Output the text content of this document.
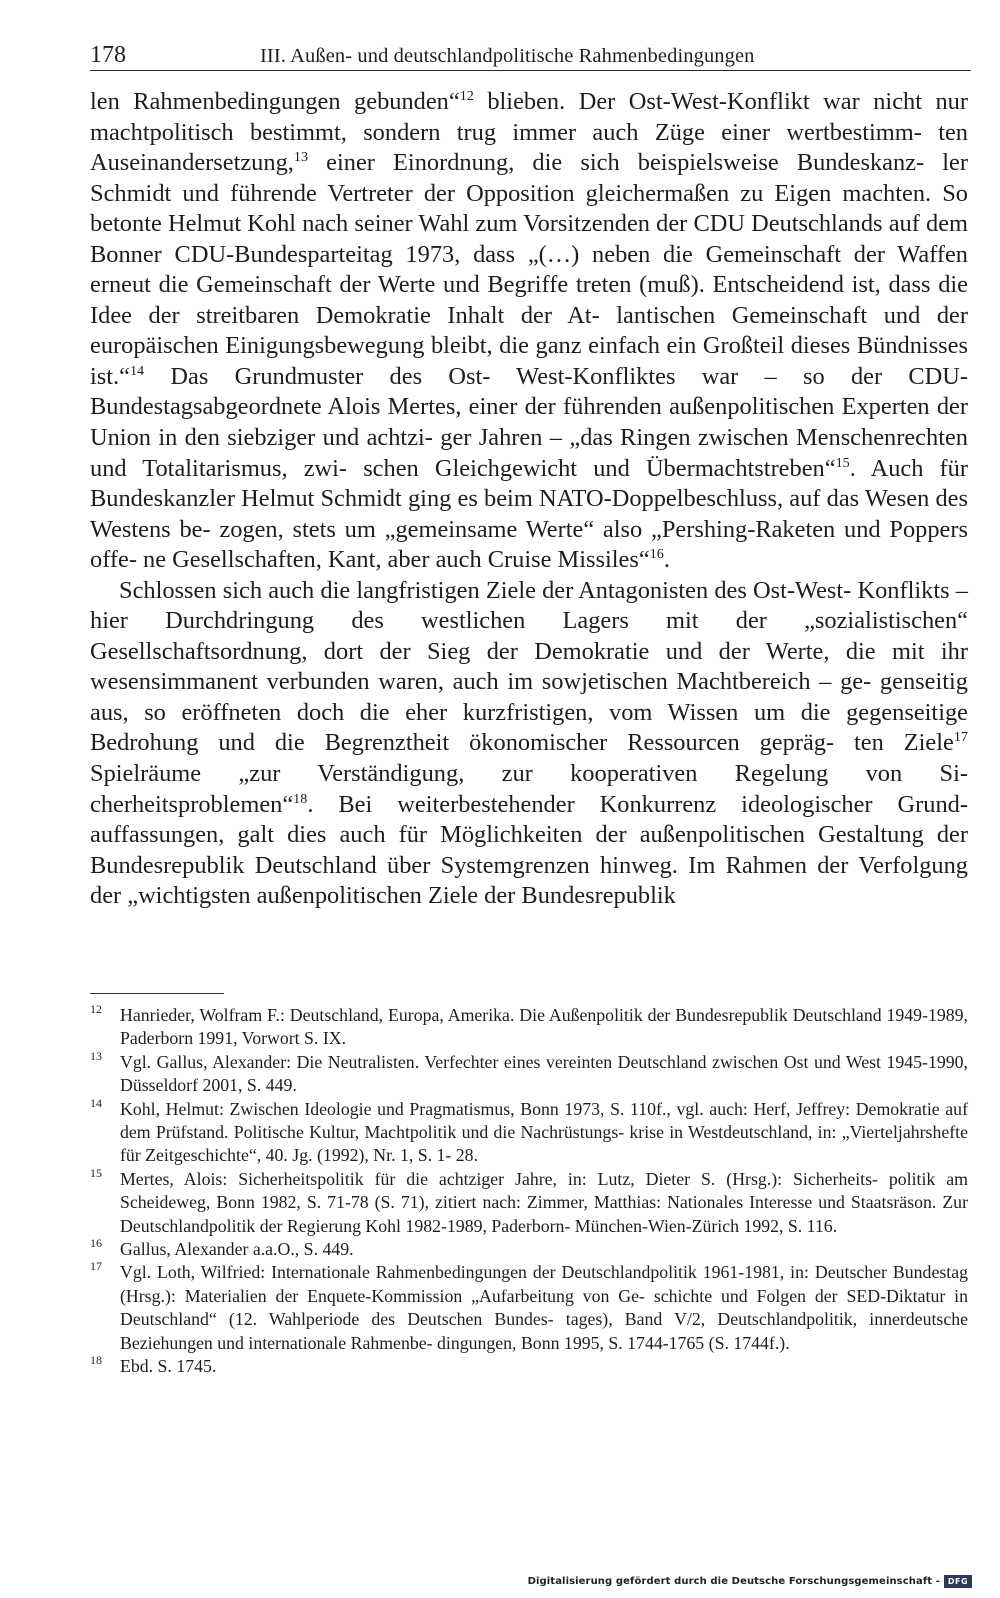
178	III. Außen- und deutschlandpolitische Rahmenbedingungen

len Rahmenbedingungen gebunden“$^{12}$ blieben. Der Ost-West-Konflikt war nicht nur machtpolitisch bestimmt, sondern trug immer auch Züge einer wertbestimm- ten Auseinandersetzung,$^{13}$ einer Einordnung, die sich beispielsweise Bundeskanz- ler Schmidt und führende Vertreter der Opposition gleichermaßen zu Eigen machten. So betonte Helmut Kohl nach seiner Wahl zum Vorsitzenden der CDU Deutschlands auf dem Bonner CDU-Bundesparteitag 1973, dass „(…) neben die Gemeinschaft der Waffen erneut die Gemeinschaft der Werte und Begriffe treten (muß). Entscheidend ist, dass die Idee der streitbaren Demokratie Inhalt der At- lantischen Gemeinschaft und der europäischen Einigungsbewegung bleibt, die ganz einfach ein Großteil dieses Bündnisses ist.“$^{14}$ Das Grundmuster des Ost- West-Konfliktes war – so der CDU-Bundestagsabgeordnete Alois Mertes, einer der führenden außenpolitischen Experten der Union in den siebziger und achtzi- ger Jahren – „das Ringen zwischen Menschenrechten und Totalitarismus, zwi- schen Gleichgewicht und Übermachtstreben“$^{15}$. Auch für Bundeskanzler Helmut Schmidt ging es beim NATO-Doppelbeschluss, auf das Wesen des Westens be- zogen, stets um „gemeinsame Werte“ also „Pershing-Raketen und Poppers offe- ne Gesellschaften, Kant, aber auch Cruise Missiles“$^{16}$.

Schlossen sich auch die langfristigen Ziele der Antagonisten des Ost-West- Konflikts – hier Durchdringung des westlichen Lagers mit der „sozialistischen“ Gesellschaftsordnung, dort der Sieg der Demokratie und der Werte, die mit ihr wesensimmanent verbunden waren, auch im sowjetischen Machtbereich – ge- genseitig aus, so eröffneten doch die eher kurzfristigen, vom Wissen um die gegenseitige Bedrohung und die Begrenztheit ökonomischer Ressourcen gepräg- ten Ziele$^{17}$ Spielräume „zur Verständigung, zur kooperativen Regelung von Si- cherheitsproblemen“$^{18}$. Bei weiterbestehender Konkurrenz ideologischer Grund- auffassungen, galt dies auch für Möglichkeiten der außenpolitischen Gestaltung der Bundesrepublik Deutschland über Systemgrenzen hinweg. Im Rahmen der Verfolgung der „wichtigsten außenpolitischen Ziele der Bundesrepublik

12 Hanrieder, Wolfram F.: Deutschland, Europa, Amerika. Die Außenpolitik der Bundesrepublik Deutschland 1949-1989, Paderborn 1991, Vorwort S. IX.

13 Vgl. Gallus, Alexander: Die Neutralisten. Verfechter eines vereinten Deutschland zwischen Ost und West 1945-1990, Düsseldorf 2001, S. 449.

14 Kohl, Helmut: Zwischen Ideologie und Pragmatismus, Bonn 1973, S. 110f., vgl. auch: Herf, Jeffrey: Demokratie auf dem Prüfstand. Politische Kultur, Machtpolitik und die Nachrüstungs- krise in Westdeutschland, in: „Vierteljahrshefte für Zeitgeschichte“, 40. Jg. (1992), Nr. 1, S. 1- 28.

15 Mertes, Alois: Sicherheitspolitik für die achtziger Jahre, in: Lutz, Dieter S. (Hrsg.): Sicherheits- politik am Scheideweg, Bonn 1982, S. 71-78 (S. 71), zitiert nach: Zimmer, Matthias: Nationales Interesse und Staatsräson. Zur Deutschlandpolitik der Regierung Kohl 1982-1989, Paderborn- München-Wien-Zürich 1992, S. 116.

16 Gallus, Alexander a.a.O., S. 449.

17 Vgl. Loth, Wilfried: Internationale Rahmenbedingungen der Deutschlandpolitik 1961-1981, in: Deutscher Bundestag (Hrsg.): Materialien der Enquete-Kommission „Aufarbeitung von Ge- schichte und Folgen der SED-Diktatur in Deutschland“ (12. Wahlperiode des Deutschen Bundes- tages), Band V/2, Deutschlandpolitik, innerdeutsche Beziehungen und internationale Rahmenbe- dingungen, Bonn 1995, S. 1744-1765 (S. 1744f.).

18 Ebd. S. 1745.

Digitalisierung gefördert durch die Deutsche Forschungsgemeinschaft - DFG
